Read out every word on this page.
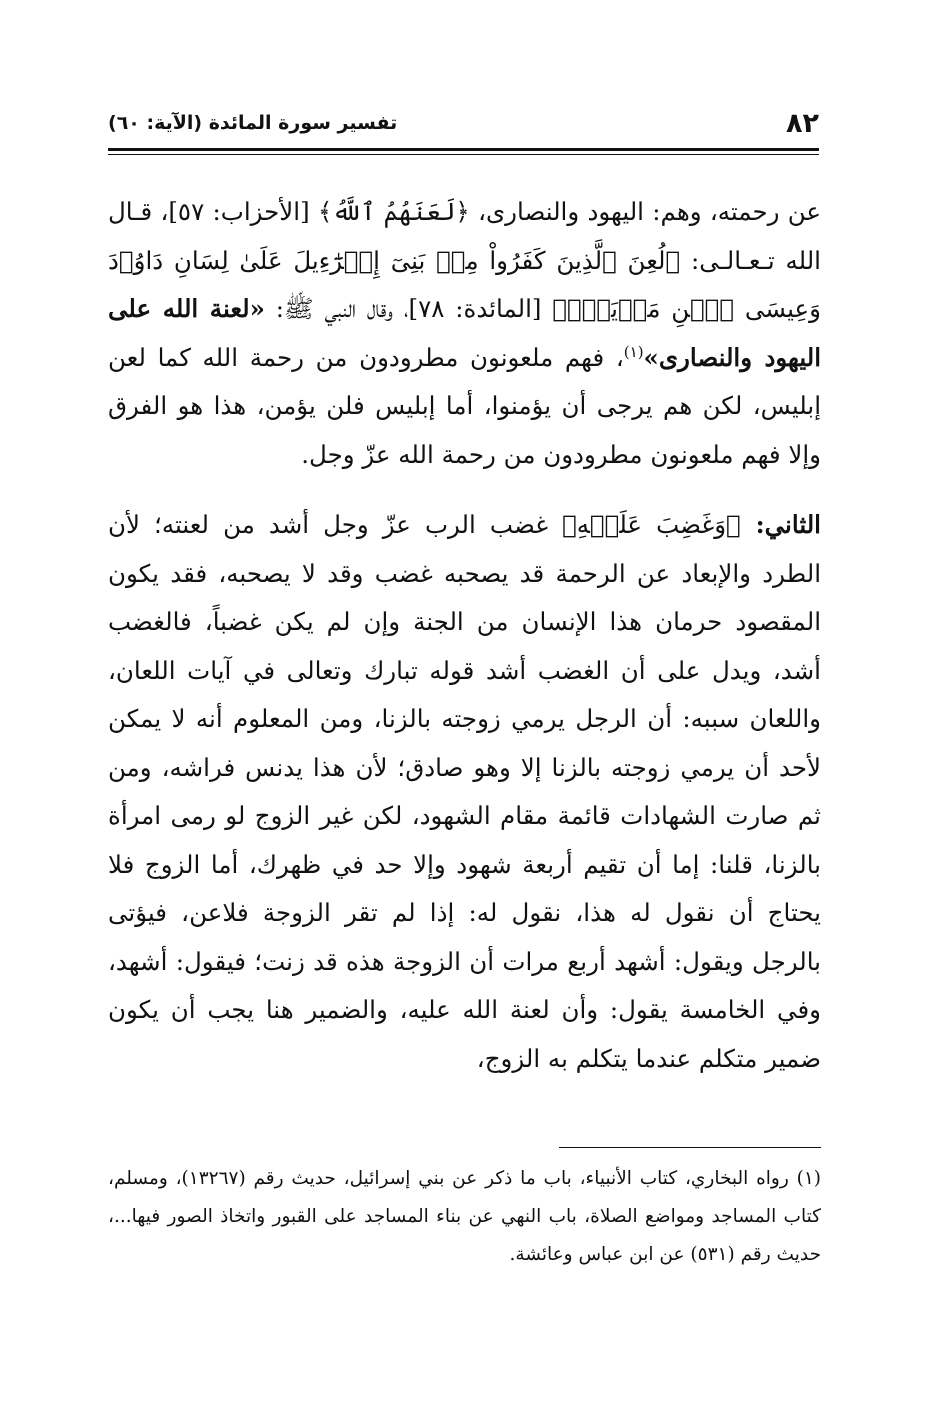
٨٢
تفسير سورة المائدة (الآية: ٦٠)

عن رحمته، وهم: اليهود والنصارى، ﴿لَعَنَهُمُ ٱللَّهُ﴾ [الأحزاب: ٥٧]، قـال الله تـعـالـى: ﴿لُعِنَ ٱلَّذِينَ كَفَرُواْ مِنۢ بَنِىٓ إِسۡرَٰٓءِيلَ عَلَىٰ لِسَانِ دَاوُۥدَ وَعِيسَى ٱبۡنِ مَرۡيَمَۚ﴾ [المائدة: ٧٨]، وقال النبي ﷺ: «لعنة الله على اليهود والنصارى»$^{(١)}$، فهم ملعونون مطرودون من رحمة الله كما لعن إبليس، لكن هم يرجى أن يؤمنوا، أما إبليس فلن يؤمن، هذا هو الفرق وإلا فهم ملعونون مطرودون من رحمة الله عزّ وجل.

الثاني: ﴿وَغَضِبَ عَلَيۡهِ﴾ غضب الرب عزّ وجل أشد من لعنته؛ لأن الطرد والإبعاد عن الرحمة قد يصحبه غضب وقد لا يصحبه، فقد يكون المقصود حرمان هذا الإنسان من الجنة وإن لم يكن غضباً، فالغضب أشد، ويدل على أن الغضب أشد قوله تبارك وتعالى في آيات اللعان، واللعان سببه: أن الرجل يرمي زوجته بالزنا، ومن المعلوم أنه لا يمكن لأحد أن يرمي زوجته بالزنا إلا وهو صادق؛ لأن هذا يدنس فراشه، ومن ثم صارت الشهادات قائمة مقام الشهود، لكن غير الزوج لو رمى امرأة بالزنا، قلنا: إما أن تقيم أربعة شهود وإلا حد في ظهرك، أما الزوج فلا يحتاج أن نقول له هذا، نقول له: إذا لم تقر الزوجة فلاعن، فيؤتى بالرجل ويقول: أشهد أربع مرات أن الزوجة هذه قد زنت؛ فيقول: أشهد، وفي الخامسة يقول: وأن لعنة الله عليه، والضمير هنا يجب أن يكون ضمير متكلم عندما يتكلم به الزوج،

(١) رواه البخاري، كتاب الأنبياء، باب ما ذكر عن بني إسرائيل، حديث رقم (١٣٢٦٧)، ومسلم، كتاب المساجد ومواضع الصلاة، باب النهي عن بناء المساجد على القبور واتخاذ الصور فيها...، حديث رقم (٥٣١) عن ابن عباس وعائشة.
